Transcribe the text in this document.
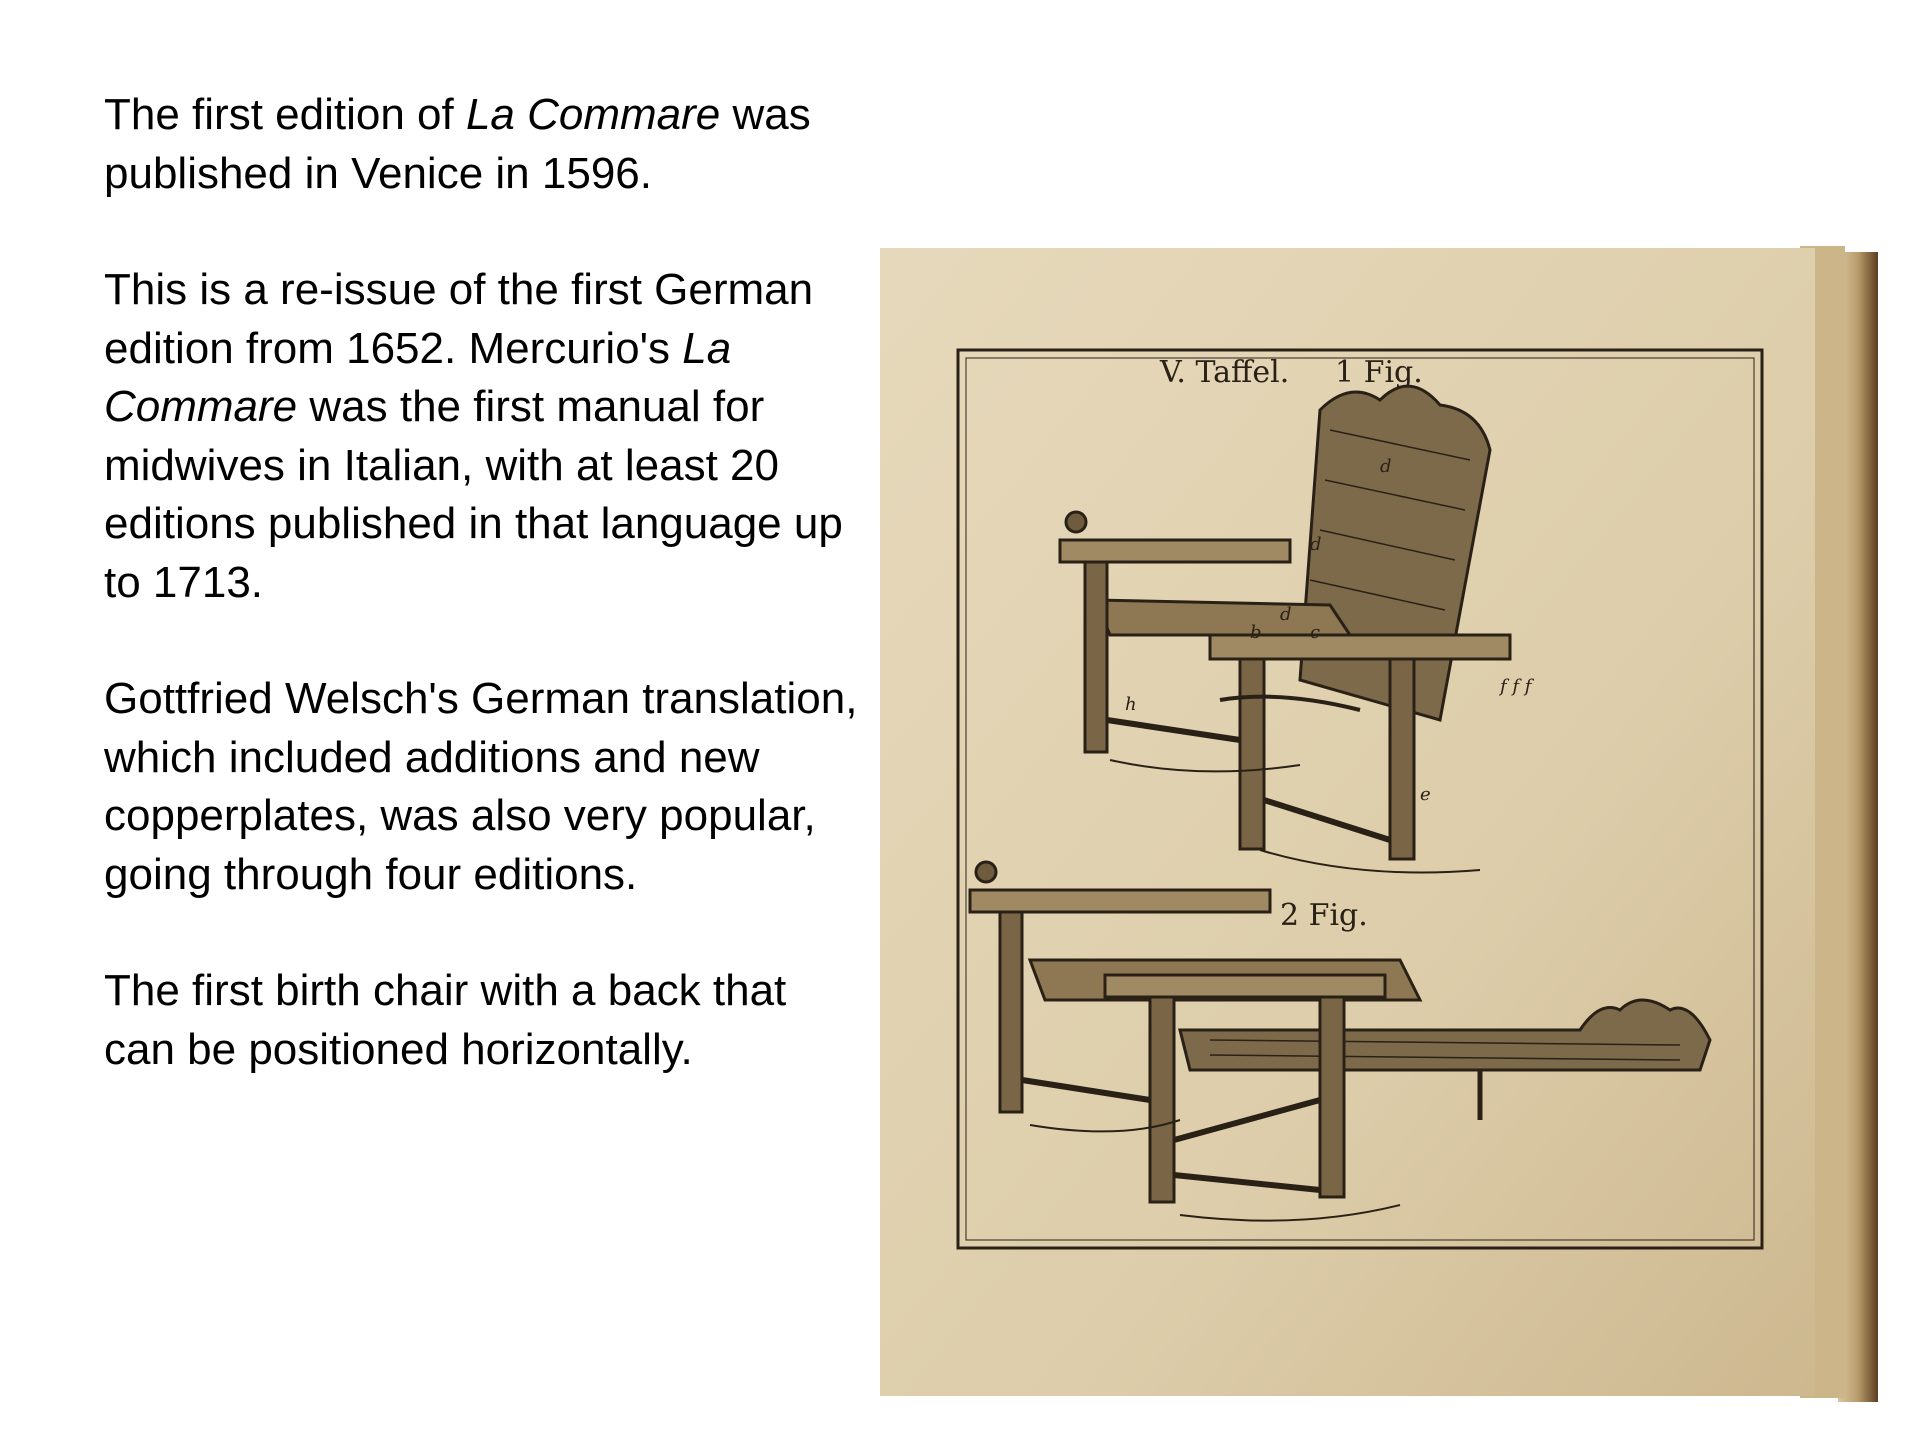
The first edition of La Commare was published in Venice in 1596.

This is a re-issue of the first German edition from 1652. Mercurio's La Commare was the first manual for midwives in Italian, with at least 20 editions published in that language up to 1713.

Gottfried Welsch's German translation, which included additions and new copperplates, was also very popular, going through four editions.

The first birth chair with a back that can be positioned horizontally.

V. Taffel. 1 Fig.
2 Fig.
d
d
d
c
b
f f f
h
e
